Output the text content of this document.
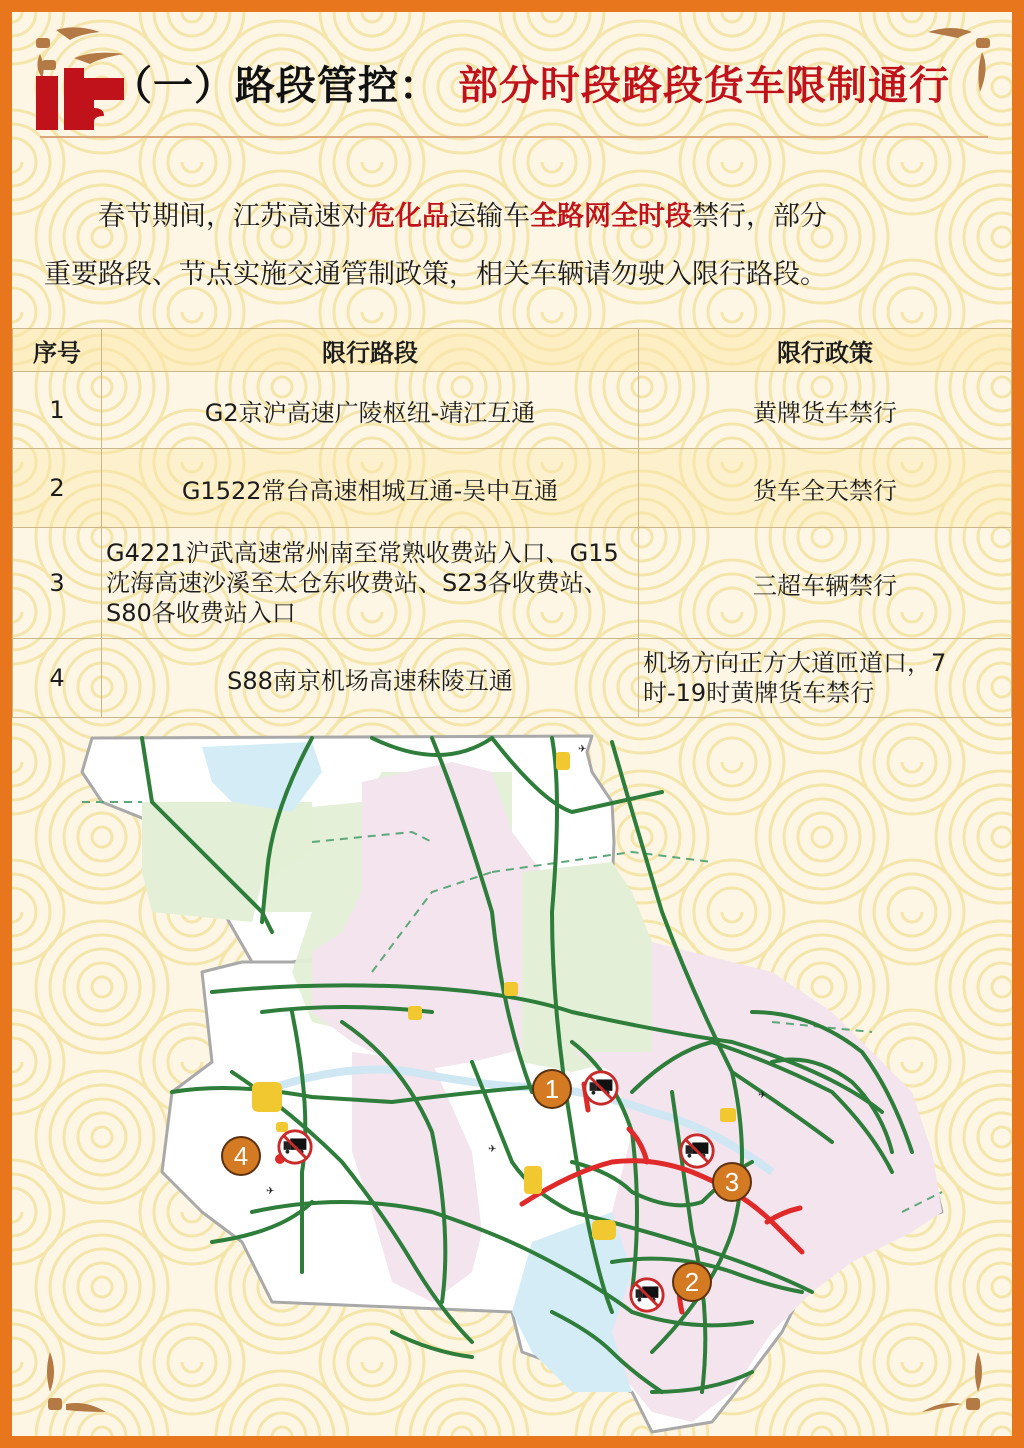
（一）路段管控： 部分时段路段货车限制通行

春节期间，江苏高速对危化品运输车全路网全时段禁行，部分

重要路段、节点实施交通管制政策，相关车辆请勿驶入限行路段。

序号	限行路段	限行政策
1	G2京沪高速广陵枢纽-靖江互通	黄牌货车禁行
2	G1522常台高速相城互通-吴中互通	货车全天禁行
3	G4221沪武高速常州南至常熟收费站入口、G15沈海高速沙溪至太仓东收费站、S23各收费站、S80各收费站入口	三超车辆禁行
4	S88南京机场高速秣陵互通	机场方向正方大道匝道口，7时-19时黄牌货车禁行
✈
✈
✈
✈
1
2
3
4
